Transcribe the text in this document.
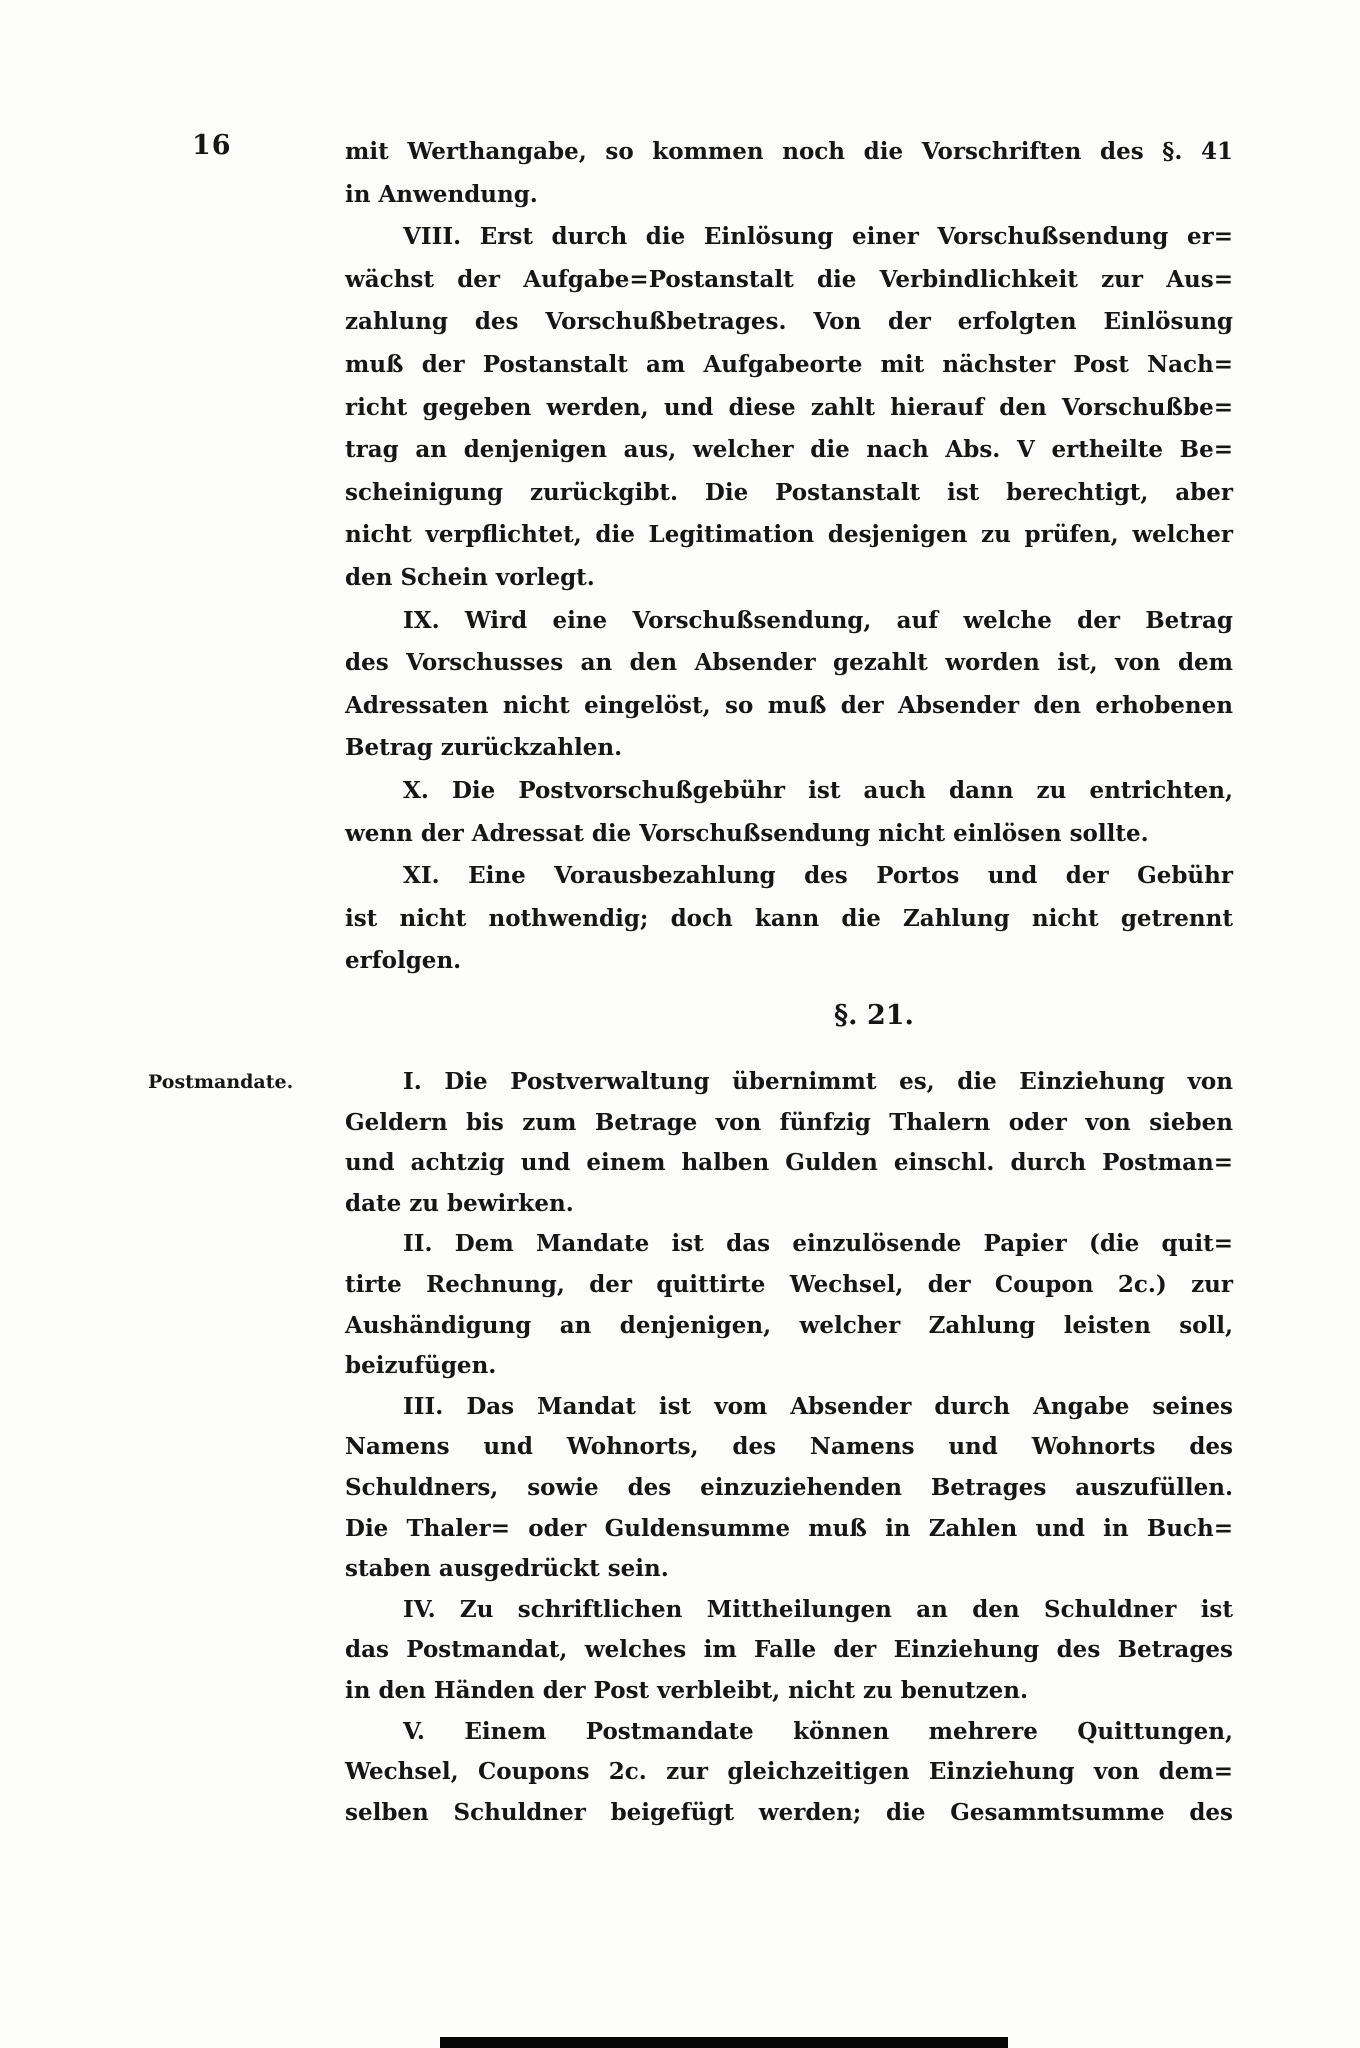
16
Postmandate.
mit Werthangabe, so kommen noch die Vorschriften des §. 41
in Anwendung.
VIII. Erst durch die Einlösung einer Vorschußsendung er=
wächst der Aufgabe=Postanstalt die Verbindlichkeit zur Aus=
zahlung des Vorschußbetrages. Von der erfolgten Einlösung
muß der Postanstalt am Aufgabeorte mit nächster Post Nach=
richt gegeben werden, und diese zahlt hierauf den Vorschußbe=
trag an denjenigen aus, welcher die nach Abs. V ertheilte Be=
scheinigung zurückgibt. Die Postanstalt ist berechtigt, aber
nicht verpflichtet, die Legitimation desjenigen zu prüfen, welcher
den Schein vorlegt.
IX. Wird eine Vorschußsendung, auf welche der Betrag
des Vorschusses an den Absender gezahlt worden ist, von dem
Adressaten nicht eingelöst, so muß der Absender den erhobenen
Betrag zurückzahlen.
X. Die Postvorschußgebühr ist auch dann zu entrichten,
wenn der Adressat die Vorschußsendung nicht einlösen sollte.
XI. Eine Vorausbezahlung des Portos und der Gebühr
ist nicht nothwendig; doch kann die Zahlung nicht getrennt
erfolgen.
§. 21.
I. Die Postverwaltung übernimmt es, die Einziehung von
Geldern bis zum Betrage von fünfzig Thalern oder von sieben
und achtzig und einem halben Gulden einschl. durch Postman=
date zu bewirken.
II. Dem Mandate ist das einzulösende Papier (die quit=
tirte Rechnung, der quittirte Wechsel, der Coupon 2c.) zur
Aushändigung an denjenigen, welcher Zahlung leisten soll,
beizufügen.
III. Das Mandat ist vom Absender durch Angabe seines
Namens und Wohnorts, des Namens und Wohnorts des
Schuldners, sowie des einzuziehenden Betrages auszufüllen.
Die Thaler= oder Guldensumme muß in Zahlen und in Buch=
staben ausgedrückt sein.
IV. Zu schriftlichen Mittheilungen an den Schuldner ist
das Postmandat, welches im Falle der Einziehung des Betrages
in den Händen der Post verbleibt, nicht zu benutzen.
V. Einem Postmandate können mehrere Quittungen,
Wechsel, Coupons 2c. zur gleichzeitigen Einziehung von dem=
selben Schuldner beigefügt werden; die Gesammtsumme des
